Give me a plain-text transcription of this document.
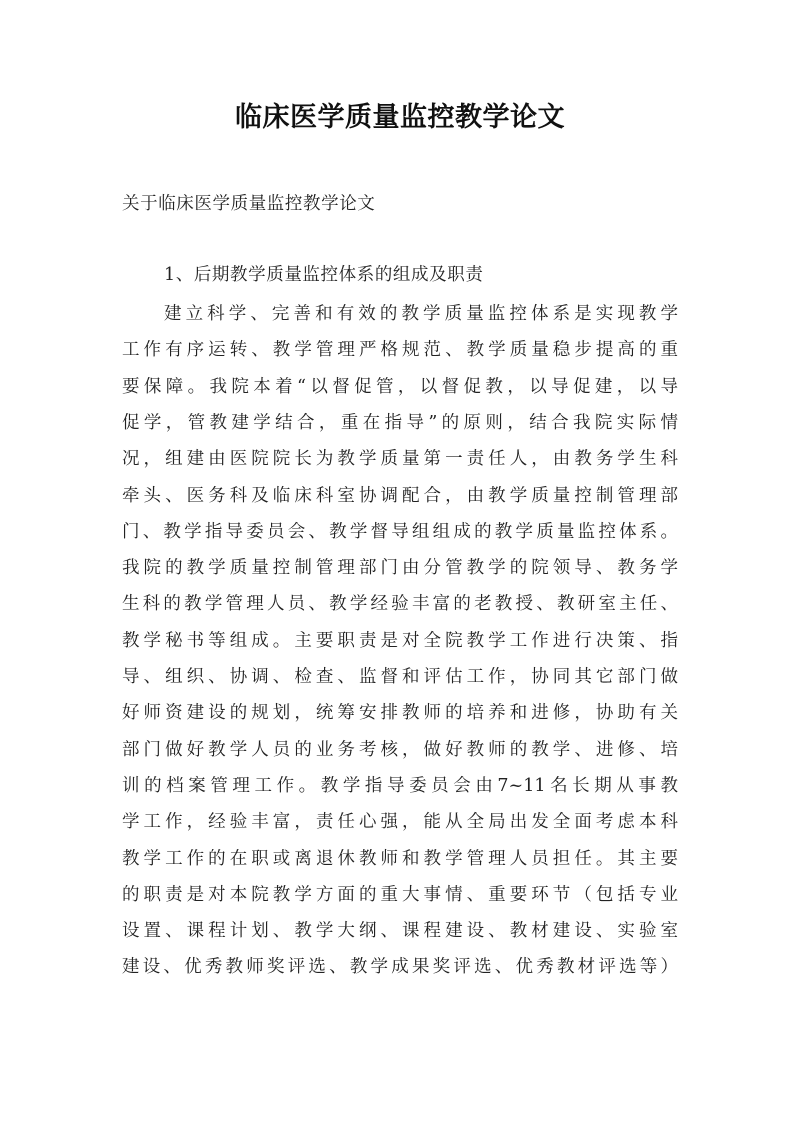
临床医学质量监控教学论文
关于临床医学质量监控教学论文
1、后期教学质量监控体系的组成及职责
建立科学、完善和有效的教学质量监控体系是实现教学
工作有序运转、教学管理严格规范、教学质量稳步提高的重
要保障。我院本着“以督促管，以督促教，以导促建，以导
促学，管教建学结合，重在指导”的原则，结合我院实际情
况，组建由医院院长为教学质量第一责任人，由教务学生科
牵头、医务科及临床科室协调配合，由教学质量控制管理部
门、教学指导委员会、教学督导组组成的教学质量监控体系。
我院的教学质量控制管理部门由分管教学的院领导、教务学
生科的教学管理人员、教学经验丰富的老教授、教研室主任、
教学秘书等组成。主要职责是对全院教学工作进行决策、指
导、组织、协调、检查、监督和评估工作，协同其它部门做
好师资建设的规划，统筹安排教师的培养和进修，协助有关
部门做好教学人员的业务考核，做好教师的教学、进修、培
训的档案管理工作。教学指导委员会由7~11名长期从事教
学工作，经验丰富，责任心强，能从全局出发全面考虑本科
教学工作的在职或离退休教师和教学管理人员担任。其主要
的职责是对本院教学方面的重大事情、重要环节（包括专业
设置、课程计划、教学大纲、课程建设、教材建设、实验室
建设、优秀教师奖评选、教学成果奖评选、优秀教材评选等）
